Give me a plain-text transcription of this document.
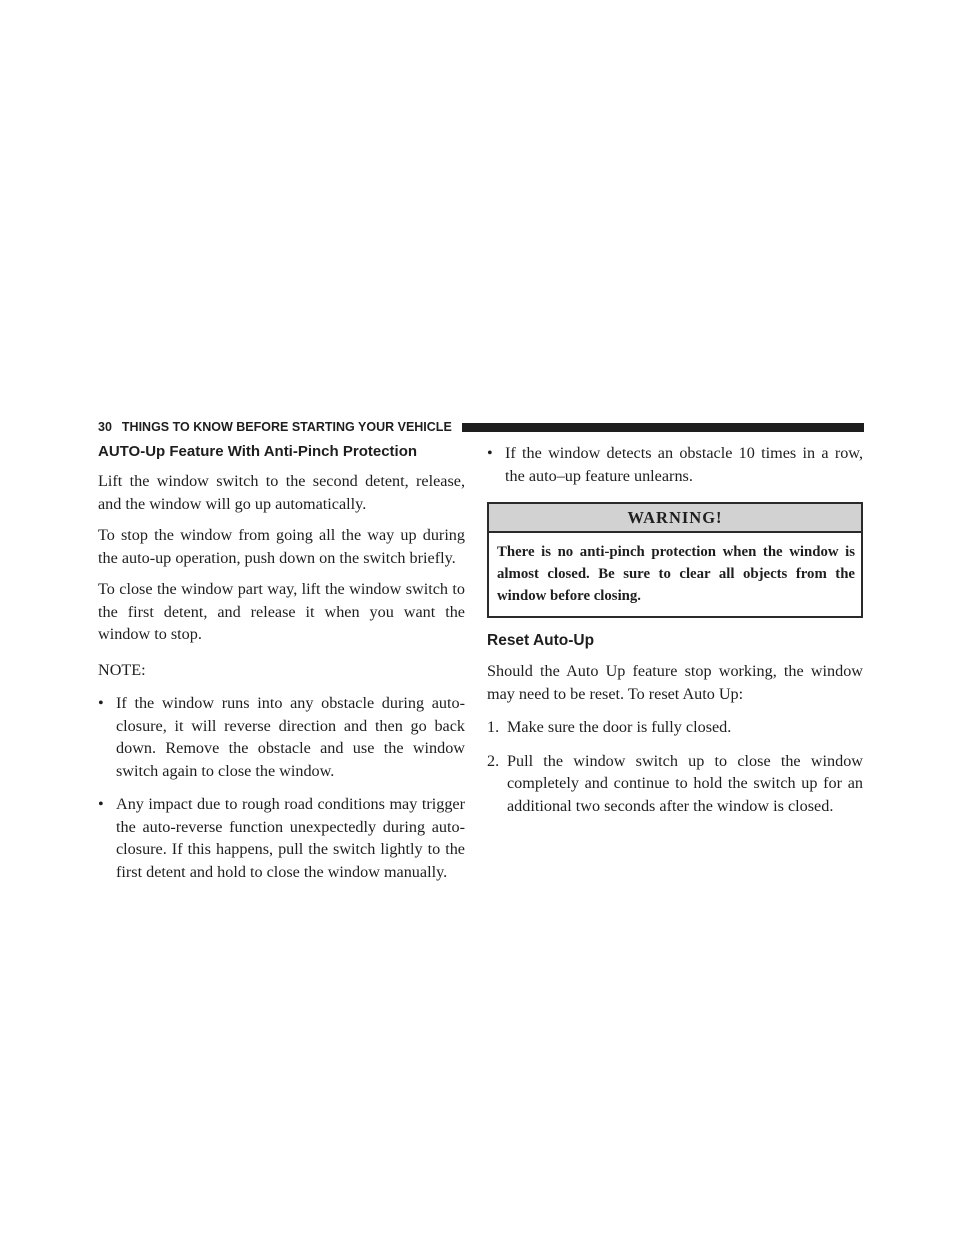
30 THINGS TO KNOW BEFORE STARTING YOUR VEHICLE
AUTO-Up Feature With Anti-Pinch Protection

Lift the window switch to the second detent, release, and the window will go up automatically.

To stop the window from going all the way up during the auto-up operation, push down on the switch briefly.

To close the window part way, lift the window switch to the first detent, and release it when you want the window to stop.

NOTE:

• If the window runs into any obstacle during auto-closure, it will reverse direction and then go back down. Remove the obstacle and use the window switch again to close the window.
• Any impact due to rough road conditions may trigger the auto-reverse function unexpectedly during auto-closure. If this happens, pull the switch lightly to the first detent and hold to close the window manually.
• If the window detects an obstacle 10 times in a row, the auto–up feature unlearns.
WARNING!
There is no anti-pinch protection when the window is almost closed. Be sure to clear all objects from the window before closing.
Reset Auto-Up

Should the Auto Up feature stop working, the window may need to be reset. To reset Auto Up:

1. Make sure the door is fully closed.
2. Pull the window switch up to close the window completely and continue to hold the switch up for an additional two seconds after the window is closed.
